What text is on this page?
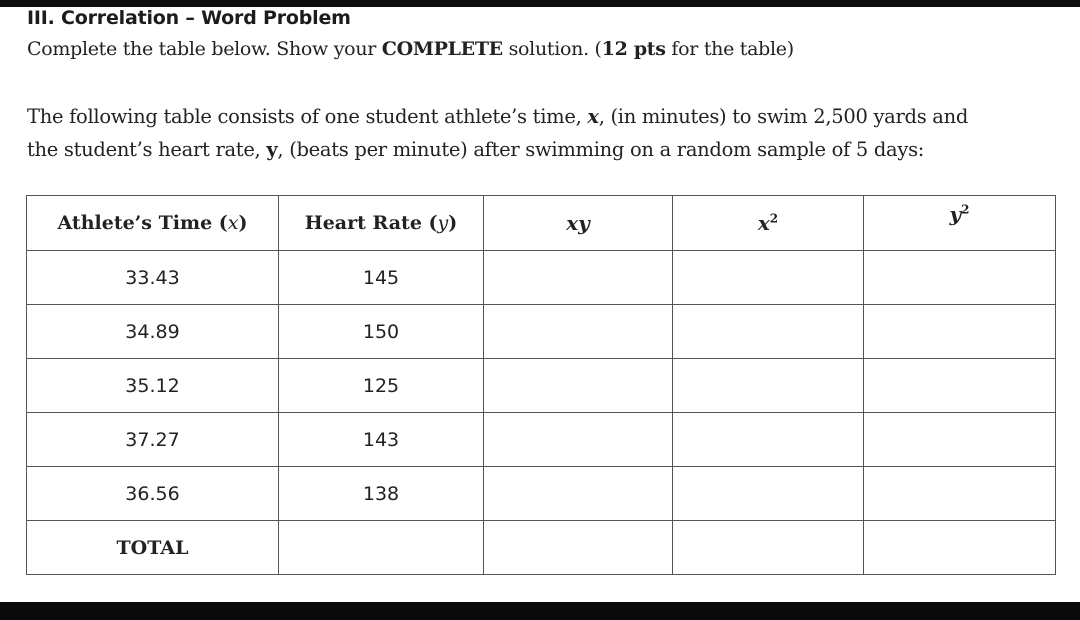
III. Correlation – Word Problem
Complete the table below. Show your COMPLETE solution. (12 pts for the table)
The following table consists of one student athlete’s time, x, (in minutes) to swim 2,500 yards and
the student’s heart rate, y, (beats per minute) after swimming on a random sample of 5 days:
Athlete’s Time (x)	Heart Rate (y)	xy	$x^2$	$y^2$
33.43	145			
34.89	150			
35.12	125			
37.27	143			
36.56	138			
TOTAL				
